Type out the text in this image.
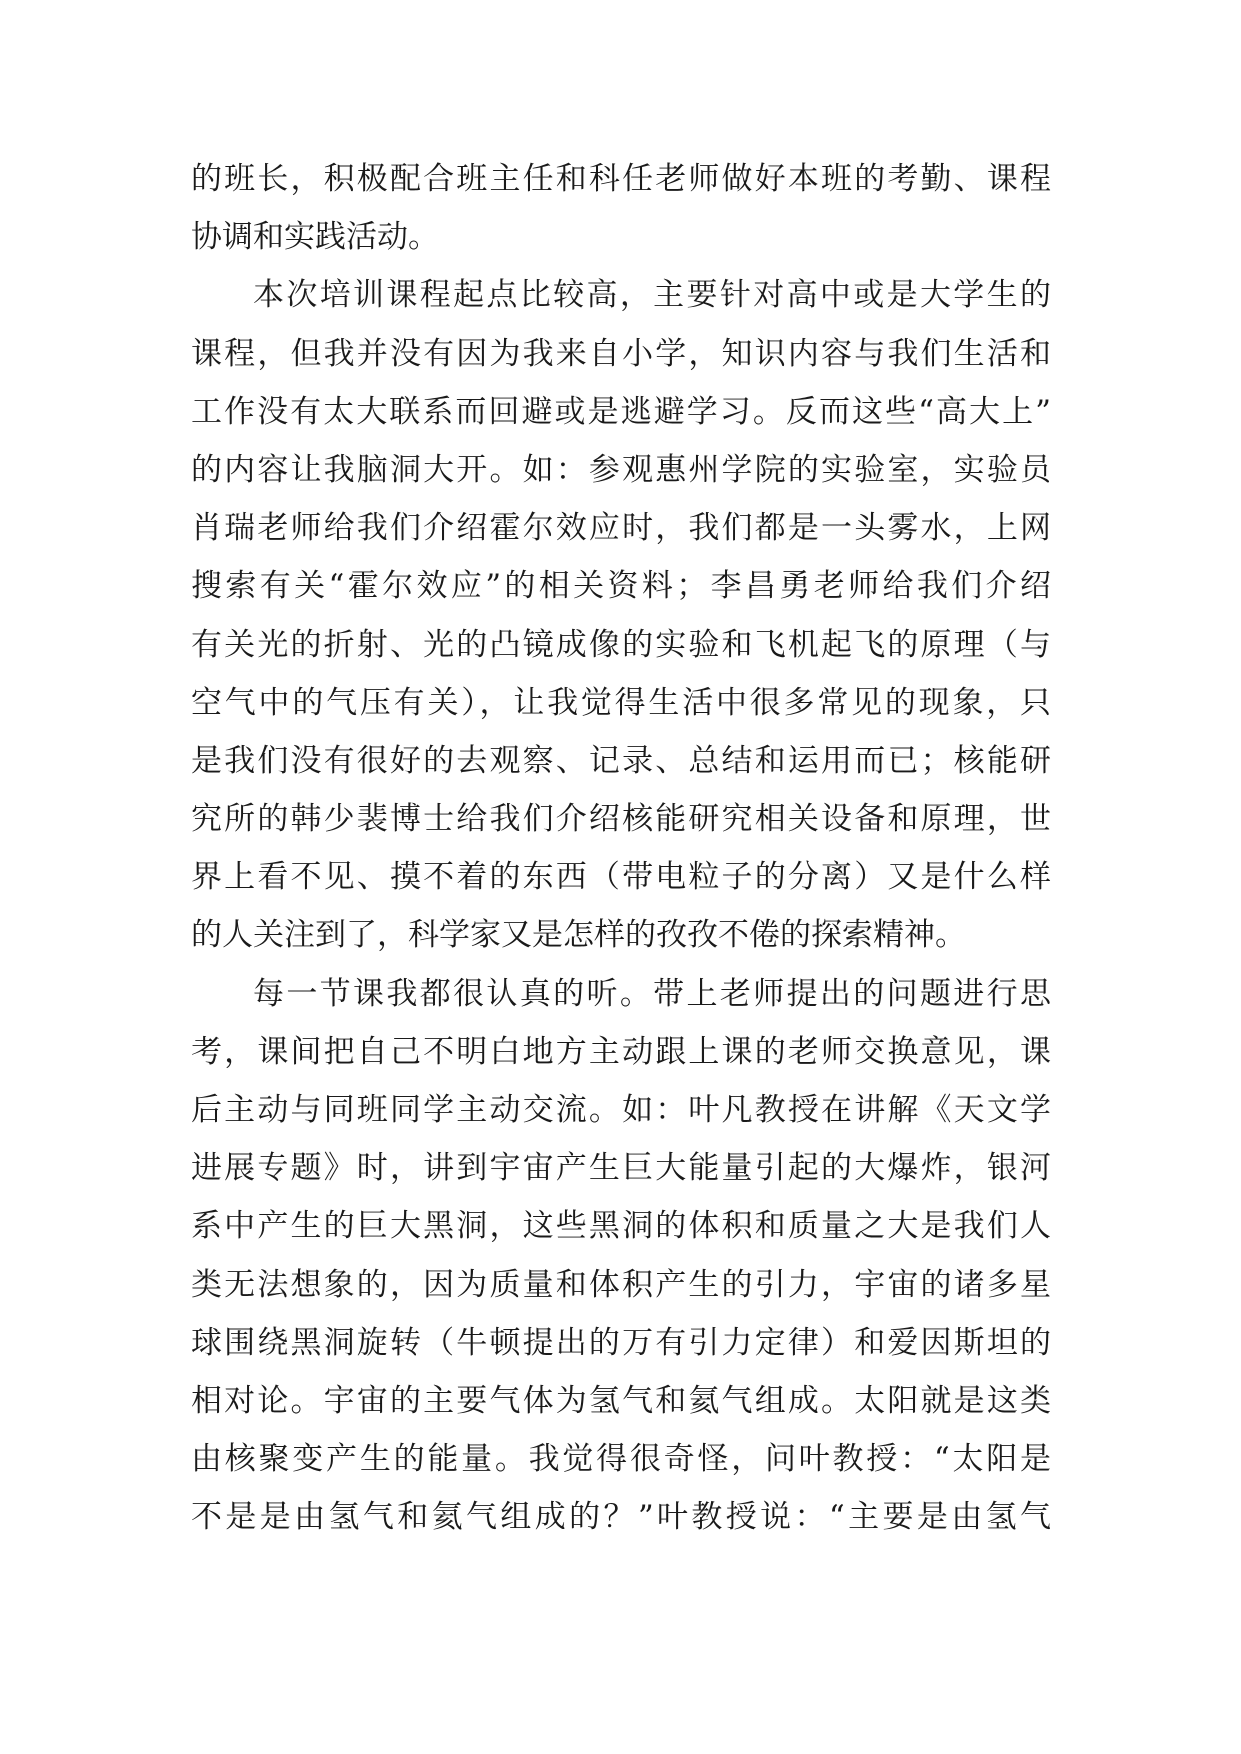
的班长，积极配合班主任和科任老师做好本班的考勤、课程
协调和实践活动。
本次培训课程起点比较高，主要针对高中或是大学生的
课程，但我并没有因为我来自小学，知识内容与我们生活和
工作没有太大联系而回避或是逃避学习。反而这些“高大上”
的内容让我脑洞大开。如：参观惠州学院的实验室，实验员
肖瑞老师给我们介绍霍尔效应时，我们都是一头雾水，上网
搜索有关“霍尔效应”的相关资料；李昌勇老师给我们介绍
有关光的折射、光的凸镜成像的实验和飞机起飞的原理（与
空气中的气压有关），让我觉得生活中很多常见的现象，只
是我们没有很好的去观察、记录、总结和运用而已；核能研
究所的韩少裴博士给我们介绍核能研究相关设备和原理，世
界上看不见、摸不着的东西（带电粒子的分离）又是什么样
的人关注到了，科学家又是怎样的孜孜不倦的探索精神。
每一节课我都很认真的听。带上老师提出的问题进行思
考，课间把自己不明白地方主动跟上课的老师交换意见，课
后主动与同班同学主动交流。如：叶凡教授在讲解《天文学
进展专题》时，讲到宇宙产生巨大能量引起的大爆炸，银河
系中产生的巨大黑洞，这些黑洞的体积和质量之大是我们人
类无法想象的，因为质量和体积产生的引力，宇宙的诸多星
球围绕黑洞旋转（牛顿提出的万有引力定律）和爱因斯坦的
相对论。宇宙的主要气体为氢气和氦气组成。太阳就是这类
由核聚变产生的能量。我觉得很奇怪，问叶教授：“太阳是
不是是由氢气和氦气组成的？”叶教授说：“主要是由氢气
